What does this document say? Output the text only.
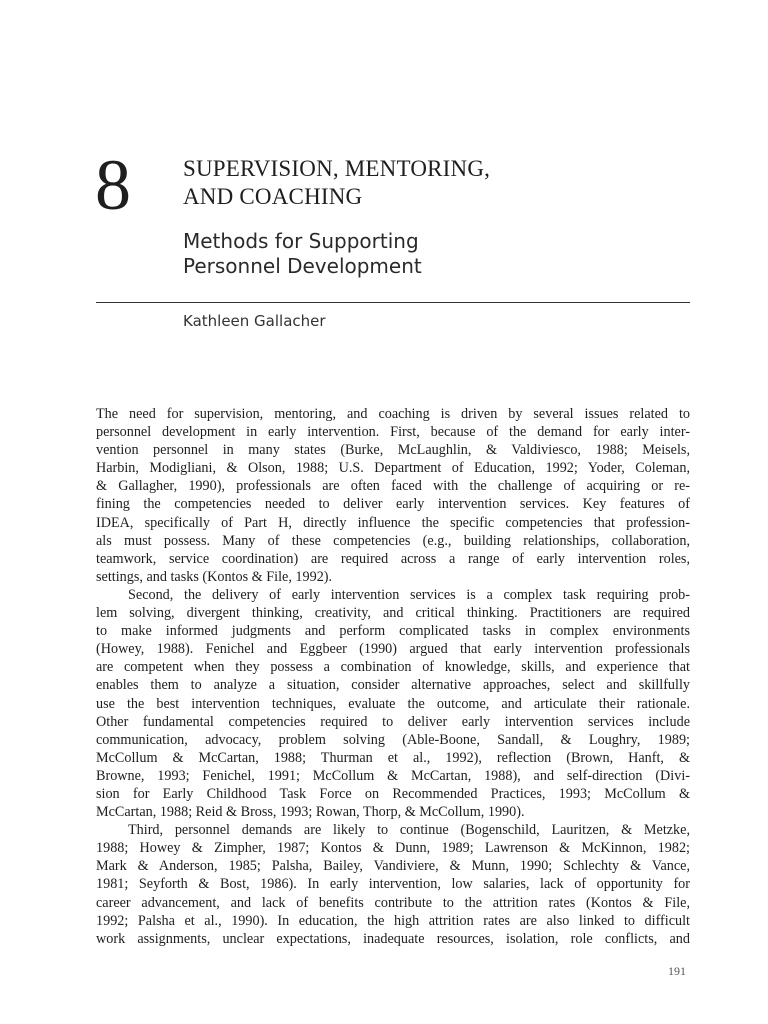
8 SUPERVISION, MENTORING,
AND COACHING
Methods for Supporting
Personnel Development
Kathleen Gallacher
The need for supervision, mentoring, and coaching is driven by several issues related to
personnel development in early intervention. First, because of the demand for early inter-
vention personnel in many states (Burke, McLaughlin, & Valdiviesco, 1988; Meisels,
Harbin, Modigliani, & Olson, 1988; U.S. Department of Education, 1992; Yoder, Coleman,
& Gallagher, 1990), professionals are often faced with the challenge of acquiring or re-
fining the competencies needed to deliver early intervention services. Key features of
IDEA, specifically of Part H, directly influence the specific competencies that profession-
als must possess. Many of these competencies (e.g., building relationships, collaboration,
teamwork, service coordination) are required across a range of early intervention roles,
settings, and tasks (Kontos & File, 1992).
Second, the delivery of early intervention services is a complex task requiring prob-
lem solving, divergent thinking, creativity, and critical thinking. Practitioners are required
to make informed judgments and perform complicated tasks in complex environments
(Howey, 1988). Fenichel and Eggbeer (1990) argued that early intervention professionals
are competent when they possess a combination of knowledge, skills, and experience that
enables them to analyze a situation, consider alternative approaches, select and skillfully
use the best intervention techniques, evaluate the outcome, and articulate their rationale.
Other fundamental competencies required to deliver early intervention services include
communication, advocacy, problem solving (Able-Boone, Sandall, & Loughry, 1989;
McCollum & McCartan, 1988; Thurman et al., 1992), reflection (Brown, Hanft, &
Browne, 1993; Fenichel, 1991; McCollum & McCartan, 1988), and self-direction (Divi-
sion for Early Childhood Task Force on Recommended Practices, 1993; McCollum &
McCartan, 1988; Reid & Bross, 1993; Rowan, Thorp, & McCollum, 1990).
Third, personnel demands are likely to continue (Bogenschild, Lauritzen, & Metzke,
1988; Howey & Zimpher, 1987; Kontos & Dunn, 1989; Lawrenson & McKinnon, 1982;
Mark & Anderson, 1985; Palsha, Bailey, Vandiviere, & Munn, 1990; Schlechty & Vance,
1981; Seyforth & Bost, 1986). In early intervention, low salaries, lack of opportunity for
career advancement, and lack of benefits contribute to the attrition rates (Kontos & File,
1992; Palsha et al., 1990). In education, the high attrition rates are also linked to difficult
work assignments, unclear expectations, inadequate resources, isolation, role conflicts, and
191
